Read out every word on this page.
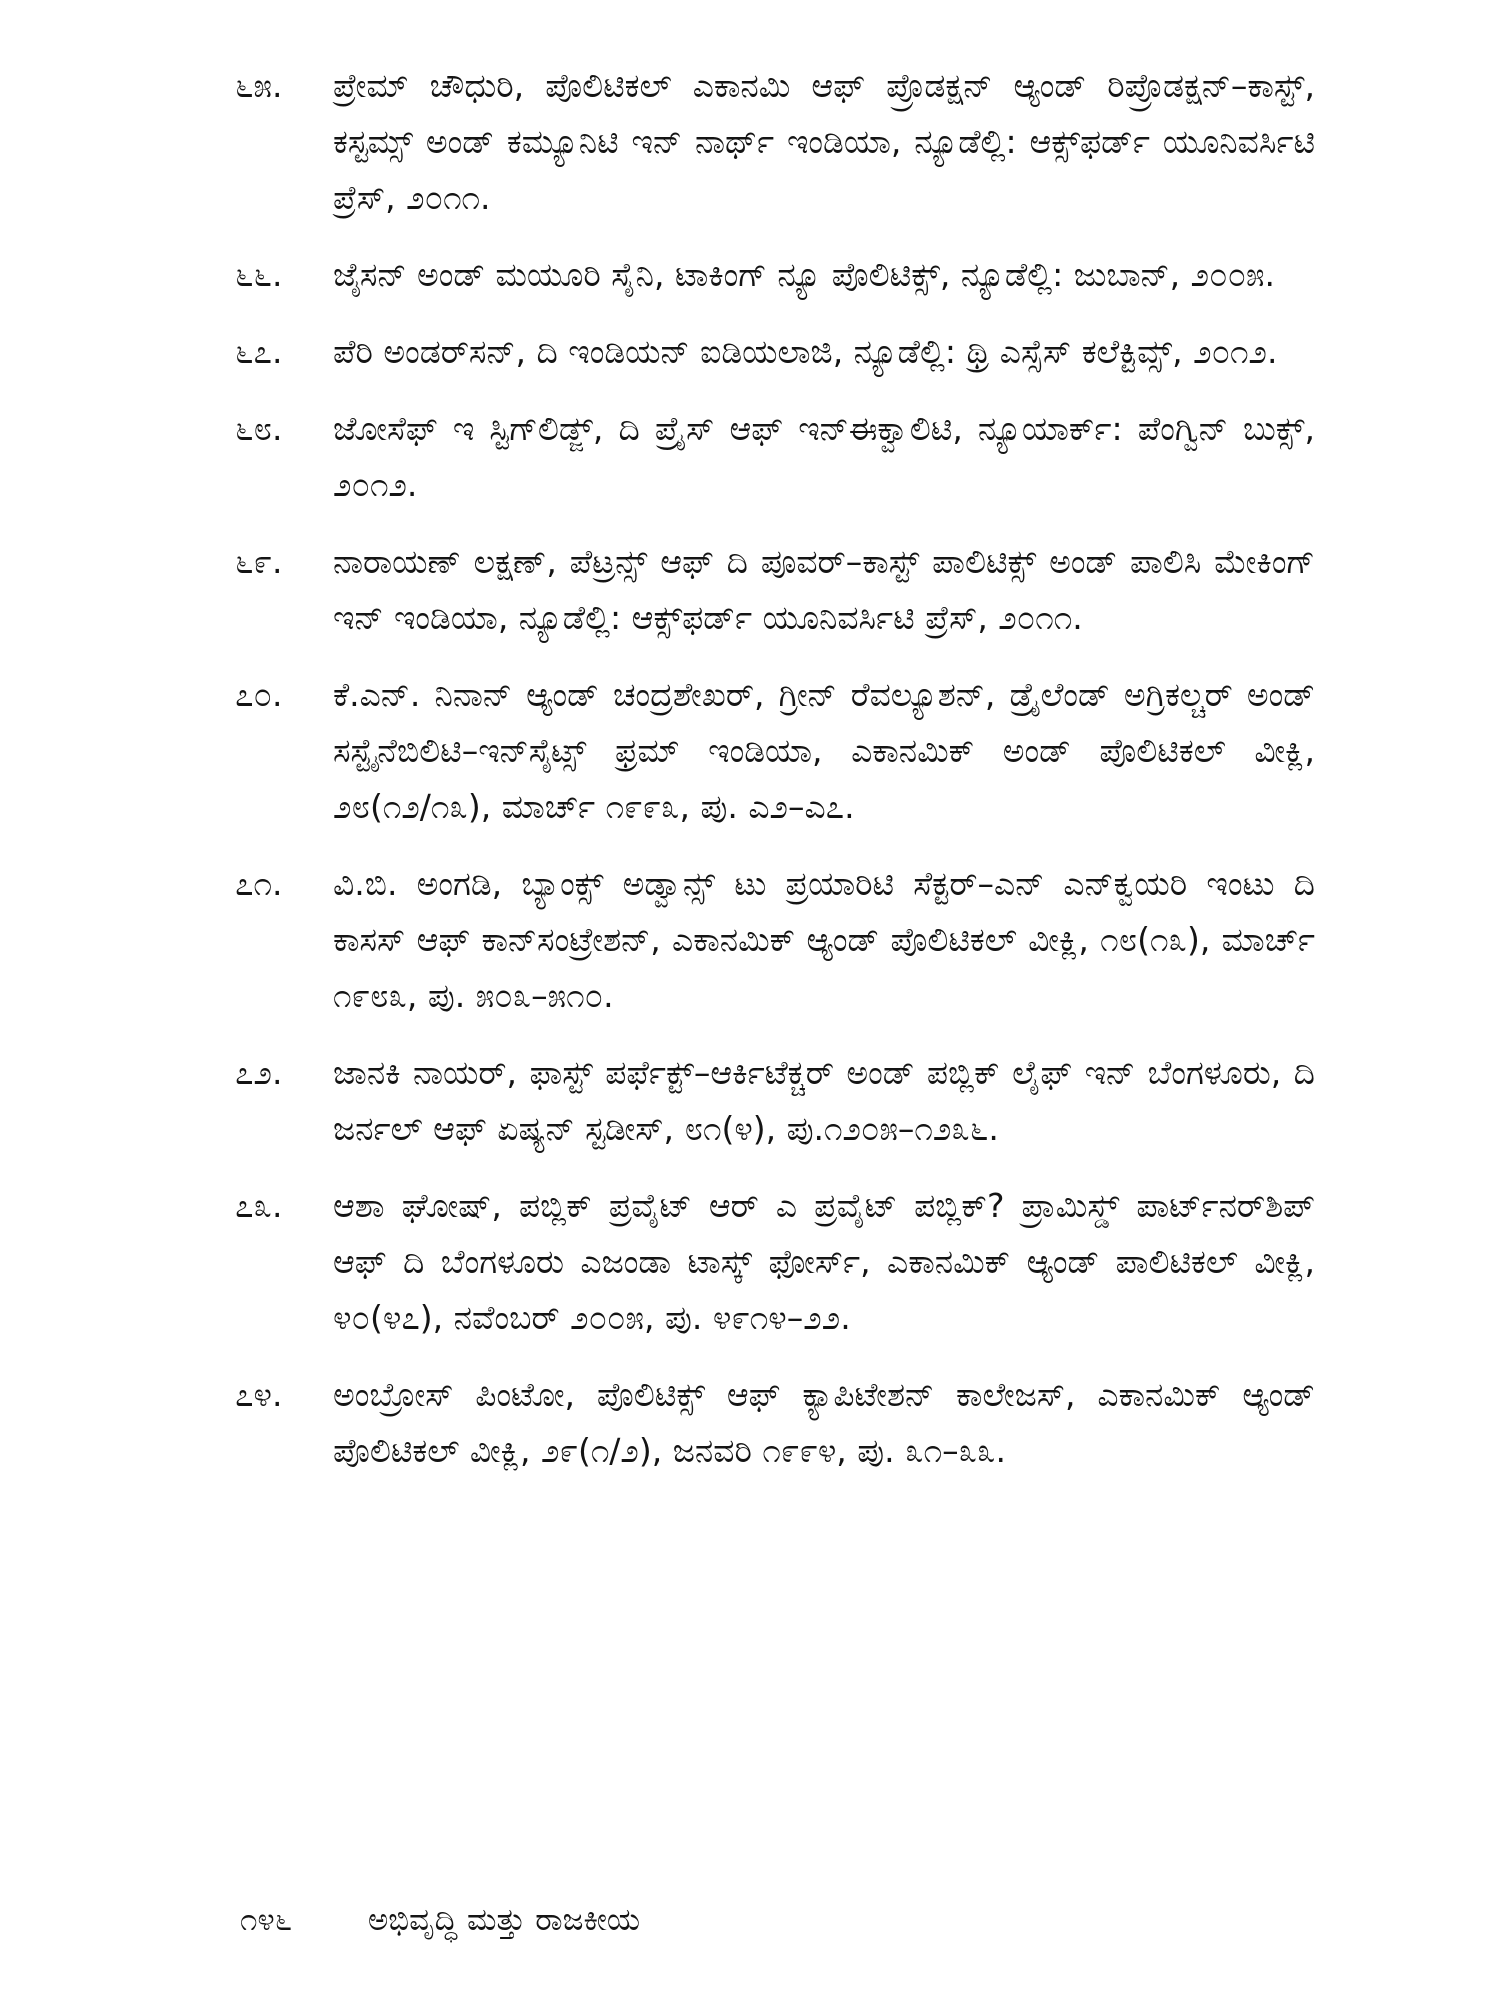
೬೫.	ಪ್ರೇಮ್ ಚೌಧುರಿ, ಪೊಲಿಟಿಕಲ್ ಎಕಾನಮಿ ಆಫ್ ಪ್ರೊಡಕ್ಷನ್ ಆ್ಯಂಡ್ ರಿಪ್ರೊಡಕ್ಷನ್–ಕಾಸ್ಟ್, ಕಸ್ಟಮ್ಸ್ ಅಂಡ್ ಕಮ್ಯೂನಿಟಿ ಇನ್ ನಾರ್ಥ್ ಇಂಡಿಯಾ, ನ್ಯೂಡೆಲ್ಲಿ: ಆಕ್ಸ್‌ಫರ್ಡ್ ಯೂನಿವರ್ಸಿಟಿ ಪ್ರೆಸ್, ೨೦೧೧.
೬೬.	ಜೈಸನ್ ಅಂಡ್ ಮಯೂರಿ ಸೈನಿ, ಟಾಕಿಂಗ್ ನ್ಯೂ ಪೊಲಿಟಿಕ್ಸ್, ನ್ಯೂಡೆಲ್ಲಿ: ಜುಬಾನ್, ೨೦೦೫.
೬೭.	ಪೆರಿ ಅಂಡರ್‌ಸನ್, ದಿ ಇಂಡಿಯನ್ ಐಡಿಯಲಾಜಿ, ನ್ಯೂಡೆಲ್ಲಿ: ಥ್ರಿ ಎಸ್ಸೆಸ್ ಕಲೆಕ್ಟಿವ್ಸ್, ೨೦೧೨.
೬೮.	ಜೋಸೆಫ್ ಇ ಸ್ಟಿಗ್‌ಲಿಡ್ಜ್, ದಿ ಪ್ರೈಸ್ ಆಫ್ ಇನ್‌ಈಕ್ವಾಲಿಟಿ, ನ್ಯೂಯಾರ್ಕ್: ಪೆಂಗ್ವಿನ್ ಬುಕ್ಸ್, ೨೦೧೨.
೬೯.	ನಾರಾಯಣ್ ಲಕ್ಷಣ್, ಪೆಟ್ರನ್ಸ್ ಆಫ್ ದಿ ಪೂವರ್–ಕಾಸ್ಟ್ ಪಾಲಿಟಿಕ್ಸ್ ಅಂಡ್ ಪಾಲಿಸಿ ಮೇಕಿಂಗ್ ಇನ್ ಇಂಡಿಯಾ, ನ್ಯೂಡೆಲ್ಲಿ: ಆಕ್ಸ್‌ಫರ್ಡ್ ಯೂನಿವರ್ಸಿಟಿ ಪ್ರೆಸ್, ೨೦೧೧.
೭೦.	ಕೆ.ಎನ್. ನಿನಾನ್ ಆ್ಯಂಡ್ ಚಂದ್ರಶೇಖರ್, ಗ್ರೀನ್ ರೆವಲ್ಯೂಶನ್, ಡ್ರೈಲೆಂಡ್ ಅಗ್ರಿಕಲ್ಚರ್ ಅಂಡ್ ಸಸ್ಟೈನೆಬಿಲಿಟಿ–ಇನ್‌ಸೈಟ್ಸ್ ಫ್ರಮ್ ಇಂಡಿಯಾ, ಎಕಾನಮಿಕ್ ಅಂಡ್ ಪೊಲಿಟಿಕಲ್ ವೀಕ್ಲಿ, ೨೮(೧೨/೧೩), ಮಾರ್ಚ್ ೧೯೯೩, ಪು. ಎ೨–ಎ೭.
೭೧.	ವಿ.ಬಿ. ಅಂಗಡಿ, ಬ್ಯಾಂಕ್ಸ್ ಅಡ್ವಾನ್ಸ್ ಟು ಪ್ರಯಾರಿಟಿ ಸೆಕ್ಟರ್–ಎನ್ ಎನ್‌ಕ್ವಯರಿ ಇಂಟು ದಿ ಕಾಸಸ್ ಆಫ್ ಕಾನ್‌ಸಂಟ್ರೇಶನ್, ಎಕಾನಮಿಕ್ ಆ್ಯಂಡ್ ಪೊಲಿಟಿಕಲ್ ವೀಕ್ಲಿ, ೧೮(೧೩), ಮಾರ್ಚ್ ೧೯೮೩, ಪು. ೫೦೩–೫೧೦.
೭೨.	ಜಾನಕಿ ನಾಯರ್, ಫಾಸ್ಟ್ ಪರ್ಫೆಕ್ಟ್–ಆರ್ಕಿಟೆಕ್ಚರ್ ಅಂಡ್ ಪಬ್ಲಿಕ್ ಲೈಫ್ ಇನ್ ಬೆಂಗಳೂರು, ದಿ ಜರ್ನಲ್ ಆಫ್ ಏಷ್ಯನ್ ಸ್ಟಡೀಸ್, ೮೧(೪), ಪು.೧೨೦೫–೧೨೩೬.
೭೩.	ಆಶಾ ಘೋಷ್, ಪಬ್ಲಿಕ್ ಪ್ರವೈಟ್ ಆರ್ ಎ ಪ್ರವೈಟ್ ಪಬ್ಲಿಕ್? ಪ್ರಾಮಿಸ್ಡ್ ಪಾರ್ಟ್‌ನರ್‌ಶಿಪ್ ಆಫ್ ದಿ ಬೆಂಗಳೂರು ಎಜಂಡಾ ಟಾಸ್ಕ್ ಫೋರ್ಸ್, ಎಕಾನಮಿಕ್ ಆ್ಯಂಡ್ ಪಾಲಿಟಿಕಲ್ ವೀಕ್ಲಿ, ೪೦(೪೭), ನವೆಂಬರ್ ೨೦೦೫, ಪು. ೪೯೧೪–೨೨.
೭೪.	ಅಂಬ್ರೋಸ್ ಪಿಂಟೋ, ಪೊಲಿಟಿಕ್ಸ್ ಆಫ್ ಕ್ಯಾಪಿಟೇಶನ್ ಕಾಲೇಜಸ್, ಎಕಾನಮಿಕ್ ಆ್ಯಂಡ್ ಪೊಲಿಟಿಕಲ್ ವೀಕ್ಲಿ, ೨೯(೧/೨), ಜನವರಿ ೧೯೯೪, ಪು. ೩೧–೩೩.
೧೪೬ ಅಭಿವೃದ್ಧಿ ಮತ್ತು ರಾಜಕೀಯ
